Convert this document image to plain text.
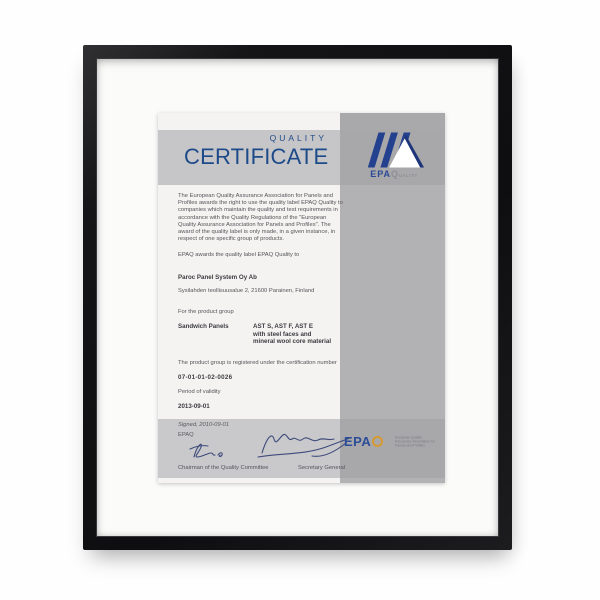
QUALITY
CERTIFICATE
EPAQUALITY
The European Quality Assurance Association for Panels and Profiles awards the right to use the quality label EPAQ Quality to companies which maintain the quality and test requirements in accordance with the Quality Regulations of the "European Quality Assurance Association for Panels and Profiles". The award of the quality label is only made, in a given instance, in respect of one specific group of products.
EPAQ awards the quality label EPAQ Quality to
Paroc Panel System Oy Ab
Sysilahden teollisuusalue 2, 21600 Parainen, Finland
For the product group
Sandwich Panels	AST S, AST F, AST E
with steel faces and
mineral wool core material
The product group is registered under the certification number
07-01-01-02-0026
Period of validity
2013-09-01
Signed, 2010-09-01
EPAQ
Chairman of the Quality Committee	Secretary General
EPA	European Quality
Assurance Association for
Panels and Profiles
